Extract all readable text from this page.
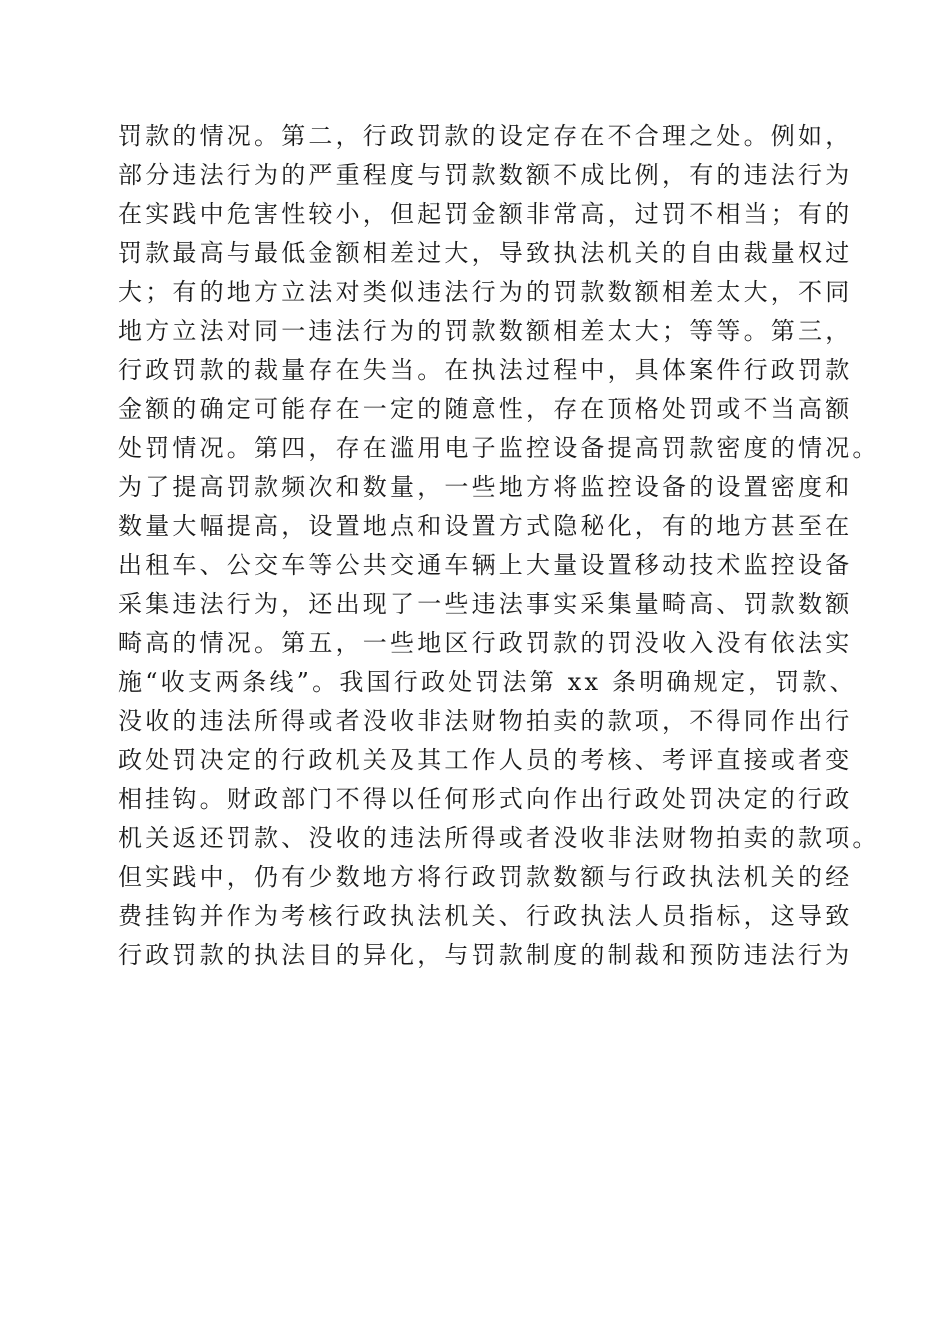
罚款的情况。第二，行政罚款的设定存在不合理之处。例如，
部分违法行为的严重程度与罚款数额不成比例，有的违法行为
在实践中危害性较小，但起罚金额非常高，过罚不相当；有的
罚款最高与最低金额相差过大，导致执法机关的自由裁量权过
大；有的地方立法对类似违法行为的罚款数额相差太大，不同
地方立法对同一违法行为的罚款数额相差太大；等等。第三，
行政罚款的裁量存在失当。在执法过程中，具体案件行政罚款
金额的确定可能存在一定的随意性，存在顶格处罚或不当高额
处罚情况。第四，存在滥用电子监控设备提高罚款密度的情况。
为了提高罚款频次和数量，一些地方将监控设备的设置密度和
数量大幅提高，设置地点和设置方式隐秘化，有的地方甚至在
出租车、公交车等公共交通车辆上大量设置移动技术监控设备
采集违法行为，还出现了一些违法事实采集量畸高、罚款数额
畸高的情况。第五，一些地区行政罚款的罚没收入没有依法实
施“收支两条线”。我国行政处罚法第 xx 条明确规定，罚款、
没收的违法所得或者没收非法财物拍卖的款项，不得同作出行
政处罚决定的行政机关及其工作人员的考核、考评直接或者变
相挂钩。财政部门不得以任何形式向作出行政处罚决定的行政
机关返还罚款、没收的违法所得或者没收非法财物拍卖的款项。
但实践中，仍有少数地方将行政罚款数额与行政执法机关的经
费挂钩并作为考核行政执法机关、行政执法人员指标，这导致
行政罚款的执法目的异化，与罚款制度的制裁和预防违法行为
